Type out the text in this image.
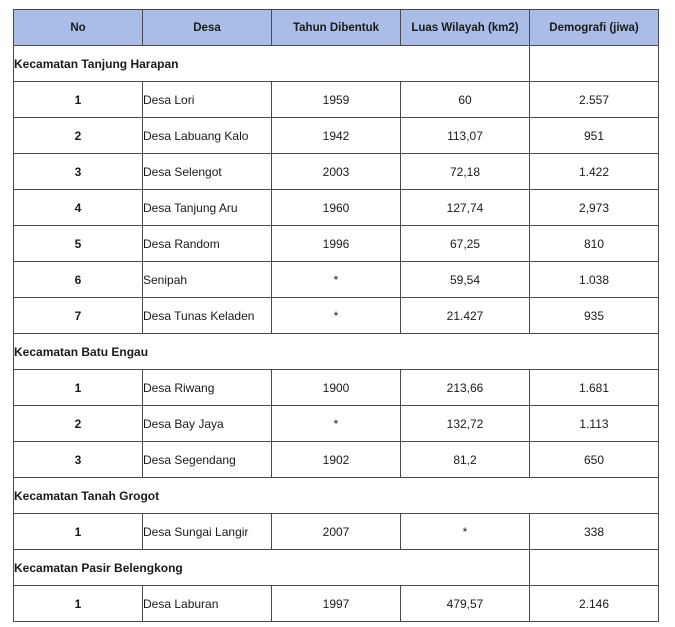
No	Desa	Tahun Dibentuk	Luas Wilayah (km2)	Demografi (jiwa)
Kecamatan Tanjung Harapan				
1	Desa Lori	1959	60	2.557
2	Desa Labuang Kalo	1942	113,07	951
3	Desa Selengot	2003	72,18	1.422
4	Desa Tanjung Aru	1960	127,74	2,973
5	Desa Random	1996	67,25	810
6	Senipah	*	59,54	1.038
7	Desa Tunas Keladen	*	21.427	935
Kecamatan Batu Engau				
1	Desa Riwang	1900	213,66	1.681
2	Desa Bay Jaya	*	132,72	1.113
3	Desa Segendang	1902	81,2	650
Kecamatan Tanah Grogot				
1	Desa Sungai Langir	2007	*	338
Kecamatan Pasir Belengkong				
1	Desa Laburan	1997	479,57	2.146
